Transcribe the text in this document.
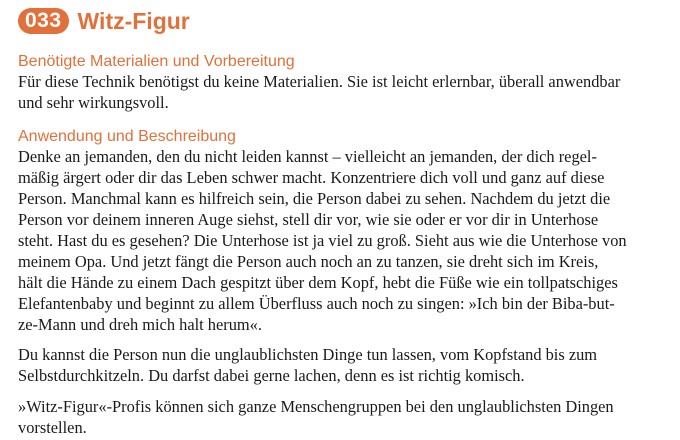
033 Witz-Figur
Benötigte Materialien und Vorbereitung
Für diese Technik benötigst du keine Materialien. Sie ist leicht erlernbar, überall anwendbar
und sehr wirkungsvoll.
Anwendung und Beschreibung
Denke an jemanden, den du nicht leiden kannst – vielleicht an jemanden, der dich regel-
mäßig ärgert oder dir das Leben schwer macht. Konzentriere dich voll und ganz auf diese
Person. Manchmal kann es hilfreich sein, die Person dabei zu sehen. Nachdem du jetzt die
Person vor deinem inneren Auge siehst, stell dir vor, wie sie oder er vor dir in Unterhose
steht. Hast du es gesehen? Die Unterhose ist ja viel zu groß. Sieht aus wie die Unterhose von
meinem Opa. Und jetzt fängt die Person auch noch an zu tanzen, sie dreht sich im Kreis,
hält die Hände zu einem Dach gespitzt über dem Kopf, hebt die Füße wie ein tollpatschiges
Elefantenbaby und beginnt zu allem Überfluss auch noch zu singen: »Ich bin der Biba-but-
ze-Mann und dreh mich halt herum«.
Du kannst die Person nun die unglaublichsten Dinge tun lassen, vom Kopfstand bis zum
Selbstdurchkitzeln. Du darfst dabei gerne lachen, denn es ist richtig komisch.
»Witz-Figur«-Profis können sich ganze Menschengruppen bei den unglaublichsten Dingen
vorstellen.
